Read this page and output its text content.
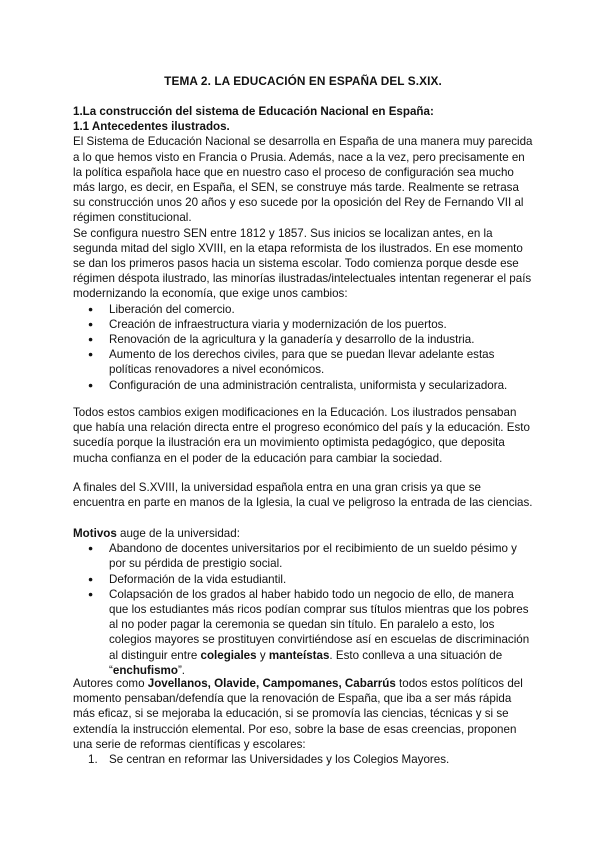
TEMA 2. LA EDUCACIÓN EN ESPAÑA DEL S.XIX.

1.La construcción del sistema de Educación Nacional en España:

1.1 Antecedentes ilustrados.

El Sistema de Educación Nacional se desarrolla en España de una manera muy parecida a lo que hemos visto en Francia o Prusia. Además, nace a la vez, pero precisamente en la política española hace que en nuestro caso el proceso de configuración sea mucho más largo, es decir, en España, el SEN, se construye más tarde. Realmente se retrasa su construcción unos 20 años y eso sucede por la oposición del Rey de Fernando VII al régimen constitucional.

Se configura nuestro SEN entre 1812 y 1857. Sus inicios se localizan antes, en la segunda mitad del siglo XVIII, en la etapa reformista de los ilustrados. En ese momento se dan los primeros pasos hacia un sistema escolar. Todo comienza porque desde ese régimen déspota ilustrado, las minorías ilustradas/intelectuales intentan regenerar el país modernizando la economía, que exige unos cambios:

● Liberación del comercio.
● Creación de infraestructura viaria y modernización de los puertos.
● Renovación de la agricultura y la ganadería y desarrollo de la industria.
● Aumento de los derechos civiles, para que se puedan llevar adelante estas políticas renovadores a nivel económicos.
● Configuración de una administración centralista, uniformista y secularizadora.

Todos estos cambios exigen modificaciones en la Educación. Los ilustrados pensaban que había una relación directa entre el progreso económico del país y la educación. Esto sucedía porque la ilustración era un movimiento optimista pedagógico, que deposita mucha confianza en el poder de la educación para cambiar la sociedad.

A finales del S.XVIII, la universidad española entra en una gran crisis ya que se encuentra en parte en manos de la Iglesia, la cual ve peligroso la entrada de las ciencias.

Motivos auge de la universidad:

● Abandono de docentes universitarios por el recibimiento de un sueldo pésimo y por su pérdida de prestigio social.
● Deformación de la vida estudiantil.
● Colapsación de los grados al haber habido todo un negocio de ello, de manera que los estudiantes más ricos podían comprar sus títulos mientras que los pobres al no poder pagar la ceremonia se quedan sin título. En paralelo a esto, los colegios mayores se prostituyen convirtiéndose así en escuelas de discriminación al distinguir entre colegiales y manteístas. Esto conlleva a una situación de “enchufismo”.

Autores como Jovellanos, Olavide, Campomanes, Cabarrús todos estos políticos del momento pensaban/defendía que la renovación de España, que iba a ser más rápida más eficaz, si se mejoraba la educación, si se promovía las ciencias, técnicas y si se extendía la instrucción elemental. Por eso, sobre la base de esas creencias, proponen una serie de reformas científicas y escolares:

1. Se centran en reformar las Universidades y los Colegios Mayores.
